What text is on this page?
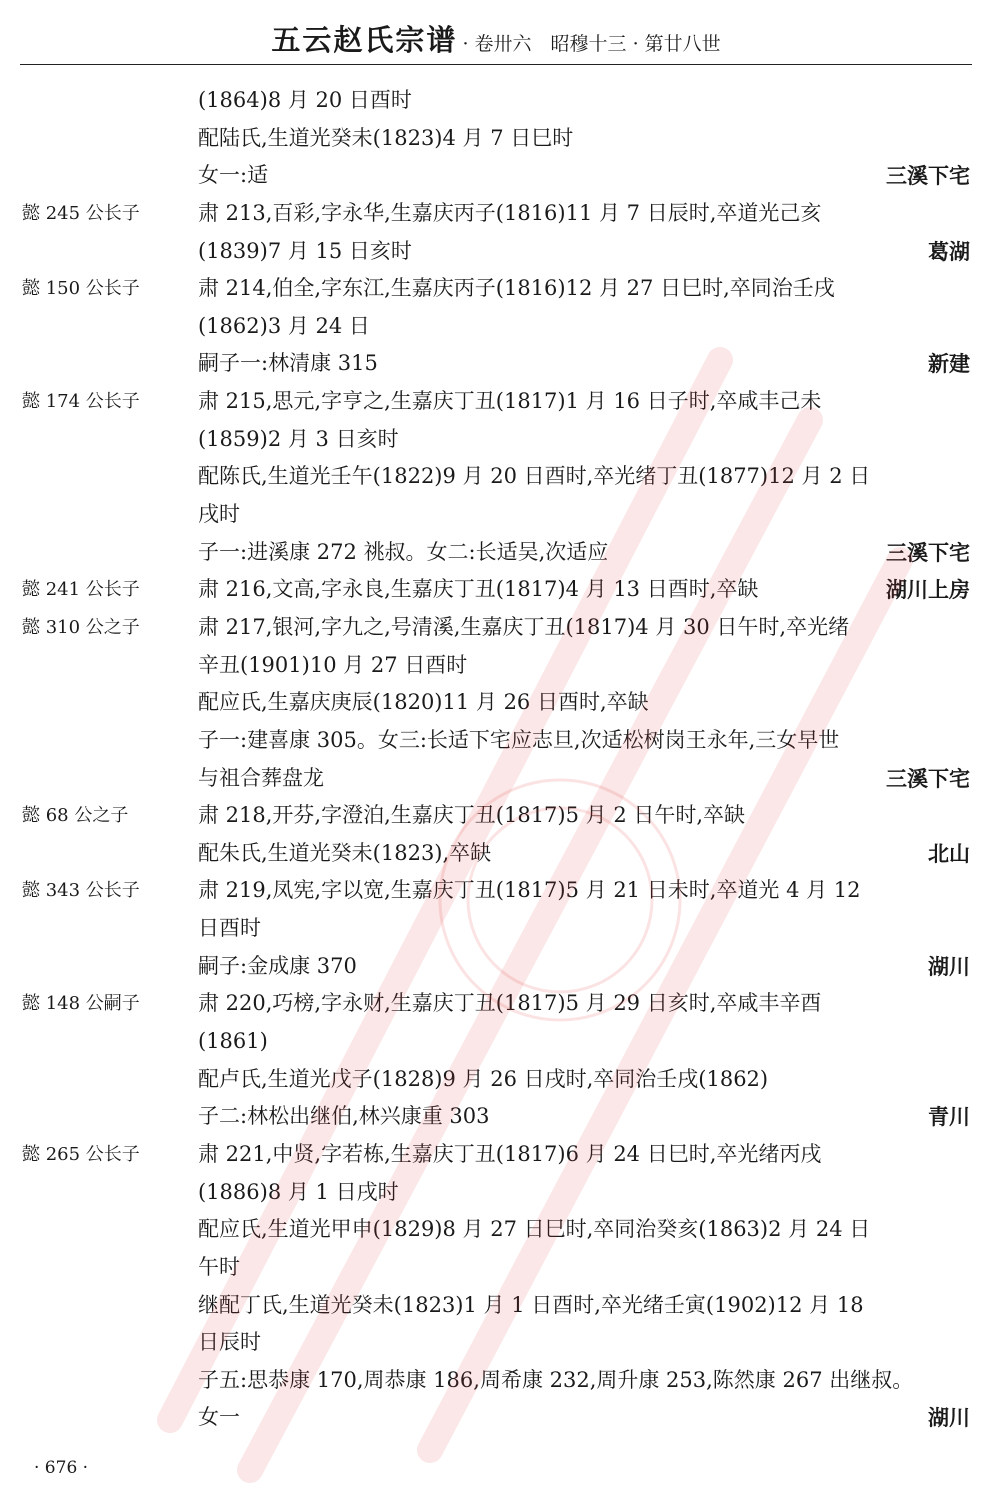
五云赵氏宗谱 · 卷卅六　昭穆十三 · 第廿八世
(1864)8 月 20 日酉时
配陆氏,生道光癸未(1823)4 月 7 日巳时
女一:适	三溪下宅
懿 245 公长子	肃 213,百彩,字永华,生嘉庆丙子(1816)11 月 7 日辰时,卒道光己亥
(1839)7 月 15 日亥时	葛湖
懿 150 公长子	肃 214,伯全,字东江,生嘉庆丙子(1816)12 月 27 日巳时,卒同治壬戌
(1862)3 月 24 日
嗣子一:林清康 315	新建
懿 174 公长子	肃 215,思元,字亨之,生嘉庆丁丑(1817)1 月 16 日子时,卒咸丰己未
(1859)2 月 3 日亥时
配陈氏,生道光壬午(1822)9 月 20 日酉时,卒光绪丁丑(1877)12 月 2 日
戌时
子一:进溪康 272 祧叔。女二:长适吴,次适应	三溪下宅
懿 241 公长子	肃 216,文高,字永良,生嘉庆丁丑(1817)4 月 13 日酉时,卒缺	湖川上房
懿 310 公之子	肃 217,银河,字九之,号清溪,生嘉庆丁丑(1817)4 月 30 日午时,卒光绪
辛丑(1901)10 月 27 日酉时
配应氏,生嘉庆庚辰(1820)11 月 26 日酉时,卒缺
子一:建喜康 305。女三:长适下宅应志旦,次适松树岗王永年,三女早世
与祖合葬盘龙	三溪下宅
懿 68 公之子	肃 218,开芬,字澄泊,生嘉庆丁丑(1817)5 月 2 日午时,卒缺
配朱氏,生道光癸未(1823),卒缺	北山
懿 343 公长子	肃 219,凤宪,字以宽,生嘉庆丁丑(1817)5 月 21 日未时,卒道光 4 月 12
日酉时
嗣子:金成康 370	湖川
懿 148 公嗣子	肃 220,巧榜,字永财,生嘉庆丁丑(1817)5 月 29 日亥时,卒咸丰辛酉
(1861)
配卢氏,生道光戊子(1828)9 月 26 日戌时,卒同治壬戌(1862)
子二:林松出继伯,林兴康重 303	青川
懿 265 公长子	肃 221,中贤,字若栋,生嘉庆丁丑(1817)6 月 24 日巳时,卒光绪丙戌
(1886)8 月 1 日戌时
配应氏,生道光甲申(1829)8 月 27 日巳时,卒同治癸亥(1863)2 月 24 日
午时
继配丁氏,生道光癸未(1823)1 月 1 日酉时,卒光绪壬寅(1902)12 月 18
日辰时
子五:思恭康 170,周恭康 186,周希康 232,周升康 253,陈然康 267 出继叔。
女一	湖川
· 676 ·
